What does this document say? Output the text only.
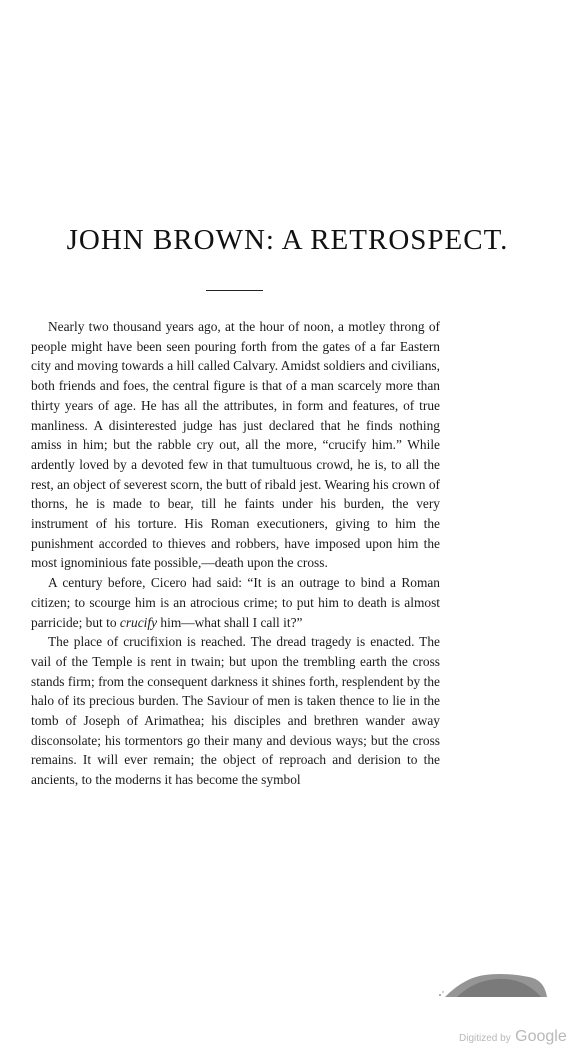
JOHN BROWN: A RETROSPECT.

Nearly two thousand years ago, at the hour of noon, a motley throng of people might have been seen pouring forth from the gates of a far Eastern city and moving towards a hill called Calvary. Amidst soldiers and civilians, both friends and foes, the central figure is that of a man scarcely more than thirty years of age. He has all the attributes, in form and features, of true manliness. A disinterested judge has just declared that he finds nothing amiss in him; but the rabble cry out, all the more, “crucify him.” While ardently loved by a devoted few in that tumultuous crowd, he is, to all the rest, an object of severest scorn, the butt of ribald jest. Wearing his crown of thorns, he is made to bear, till he faints under his burden, the very instrument of his torture. His Roman executioners, giving to him the punishment accorded to thieves and robbers, have imposed upon him the most ignominious fate possible,—death upon the cross.

A century before, Cicero had said: “It is an outrage to bind a Roman citizen; to scourge him is an atrocious crime; to put him to death is almost parricide; but to crucify him—what shall I call it?”

The place of crucifixion is reached. The dread tragedy is enacted. The vail of the Temple is rent in twain; but upon the trembling earth the cross stands firm; from the consequent darkness it shines forth, resplendent by the halo of its precious burden. The Saviour of men is taken thence to lie in the tomb of Joseph of Arimathea; his disciples and brethren wander away disconsolate; his tormentors go their many and devious ways; but the cross remains. It will ever remain; the object of reproach and derision to the ancients, to the moderns it has become the symbol

Digitized by Google
